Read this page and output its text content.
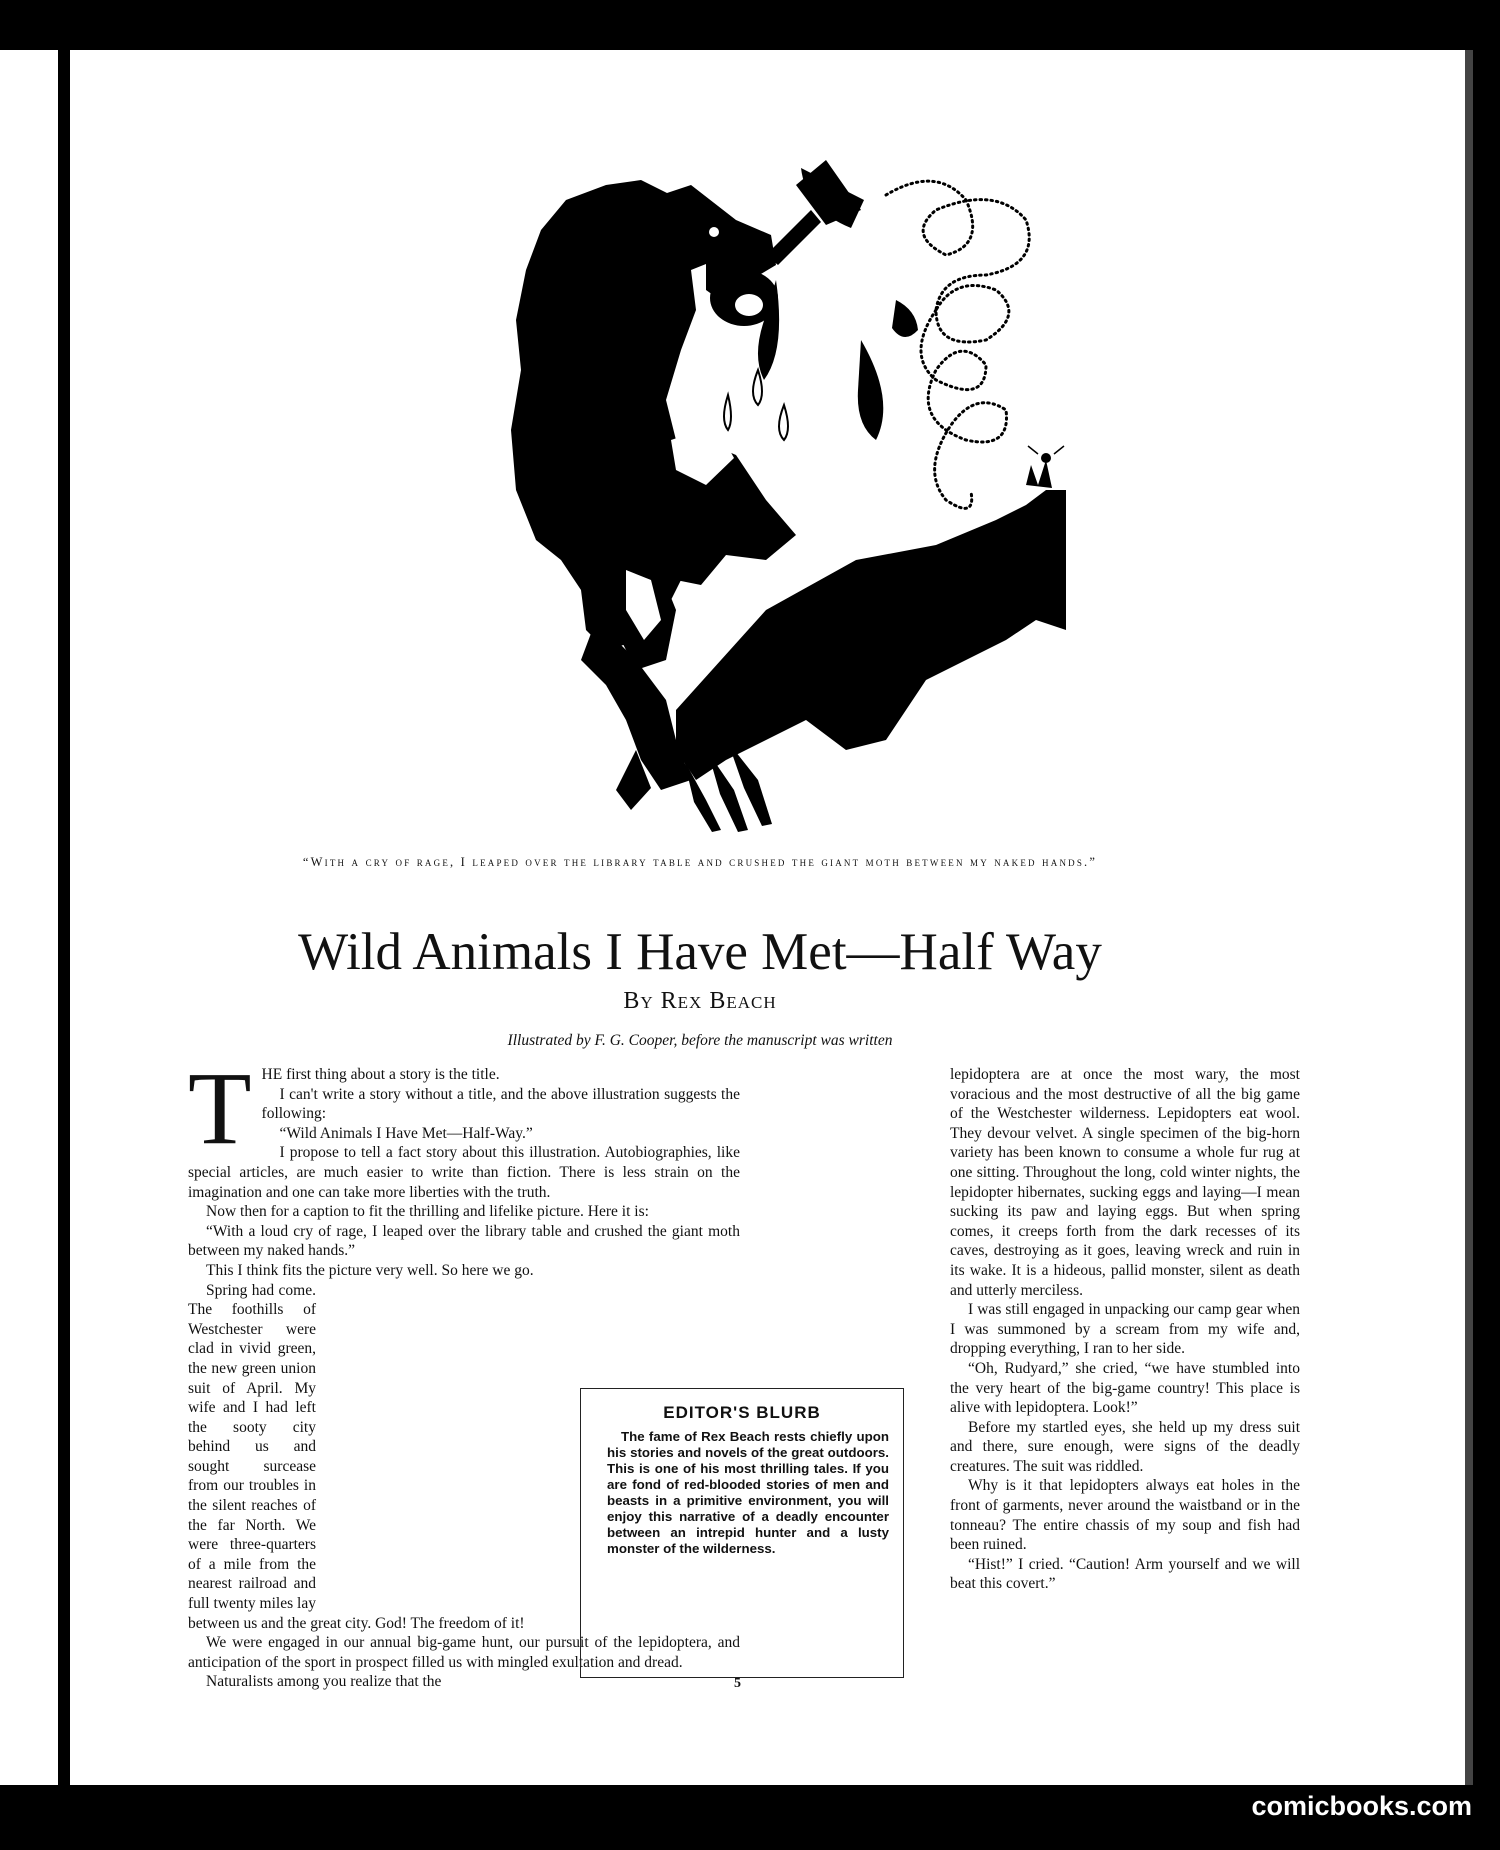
“With a cry of rage, I leaped over the library table and crushed the giant moth between my naked hands.”
Wild Animals I Have Met—Half Way
By Rex Beach
Illustrated by F. G. Cooper, before the manuscript was written
T HE first thing about a story is the title.

I can't write a story without a title, and the above illustration suggests the following:

“Wild Animals I Have Met—Half-Way.”

I propose to tell a fact story about this illustration. Autobiographies, like special articles, are much easier to write than fiction. There is less strain on the imagination and one can take more liberties with the truth.

Now then for a caption to fit the thrilling and lifelike picture. Here it is:

“With a loud cry of rage, I leaped over the library table and crushed the giant moth between my naked hands.”

This I think fits the picture very well. So here we go.

Spring had come. The foothills of Westchester were clad in vivid green, the new green union suit of April. My wife and I had left the sooty city behind us and sought surcease from our troubles in the silent reaches of the far North. We were three-quarters of a mile from the nearest railroad and full twenty miles lay between us and the great city. God! The freedom of it!

We were engaged in our annual big-game hunt, our pursuit of the lepidoptera, and anticipation of the sport in prospect filled us with mingled exultation and dread.

Naturalists among you realize that the

lepidoptera are at once the most wary, the most voracious and the most destructive of all the big game of the Westchester wilderness. Lepidopters eat wool. They devour velvet. A single specimen of the big-horn variety has been known to consume a whole fur rug at one sitting. Throughout the long, cold winter nights, the lepidopter hibernates, sucking eggs and laying—I mean sucking its paw and laying eggs. But when spring comes, it creeps forth from the dark recesses of its caves, destroying as it goes, leaving wreck and ruin in its wake. It is a hideous, pallid monster, silent as death and utterly merciless.

I was still engaged in unpacking our camp gear when I was summoned by a scream from my wife and, dropping everything, I ran to her side.

“Oh, Rudyard,” she cried, “we have stumbled into the very heart of the big-game country! This place is alive with lepidoptera. Look!”

Before my startled eyes, she held up my dress suit and there, sure enough, were signs of the deadly creatures. The suit was riddled.

Why is it that lepidopters always eat holes in the front of garments, never around the waistband or in the tonneau? The entire chassis of my soup and fish had been ruined.

“Hist!” I cried. “Caution! Arm yourself and we will beat this covert.”

EDITOR'S BLURB

The fame of Rex Beach rests chiefly upon his stories and novels of the great outdoors. This is one of his most thrilling tales. If you are fond of red-blooded stories of men and beasts in a primitive environment, you will enjoy this narrative of a deadly encounter between an intrepid hunter and a lusty monster of the wilderness.

5
comicbooks.com
